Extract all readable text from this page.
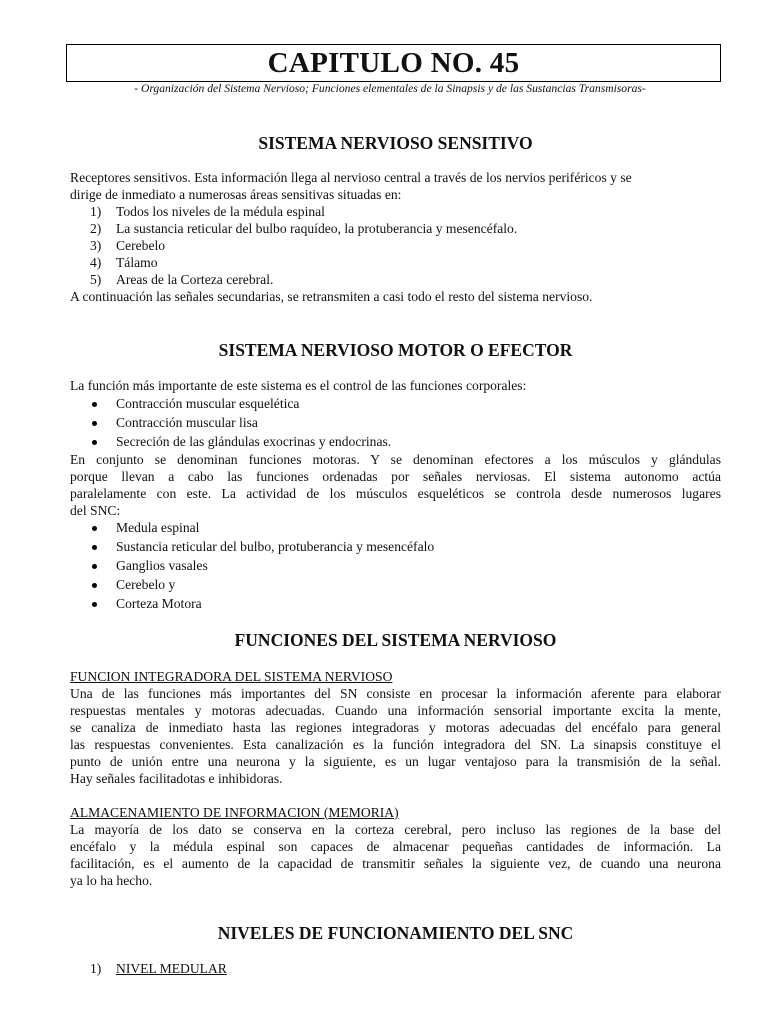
CAPITULO NO. 45
- Organización del Sistema Nervioso; Funciones elementales de la Sinapsis y de las Sustancias Transmisoras-
SISTEMA NERVIOSO SENSITIVO
Receptores sensitivos. Esta información llega al nervioso central a través de los nervios periféricos y se
dirige de inmediato a numerosas áreas sensitivas situadas en:
1) Todos los niveles de la médula espinal
2) La sustancia reticular del bulbo raquídeo, la protuberancia y mesencéfalo.
3) Cerebelo
4) Tálamo
5) Areas de la Corteza cerebral.
A continuación las señales secundarias, se retransmiten a casi todo el resto del sistema nervioso.
SISTEMA NERVIOSO MOTOR O EFECTOR
La función más importante de este sistema es el control de las funciones corporales:
Contracción muscular esquelética
Contracción muscular lisa
Secreción de las glándulas exocrinas y endocrinas.
En conjunto se denominan funciones motoras. Y se denominan efectores a los músculos y glándulas
porque llevan a cabo las funciones ordenadas por señales nerviosas. El sistema autonomo actúa
paralelamente con este. La actividad de los músculos esqueléticos se controla desde numerosos lugares
del SNC:
Medula espinal
Sustancia reticular del bulbo, protuberancia y mesencéfalo
Ganglios vasales
Cerebelo y
Corteza Motora
FUNCIONES DEL SISTEMA NERVIOSO
FUNCION INTEGRADORA DEL SISTEMA NERVIOSO
Una de las funciones más importantes del SN consiste en procesar la información aferente para elaborar
respuestas mentales y motoras adecuadas. Cuando una información sensorial importante excita la mente,
se canaliza de inmediato hasta las regiones integradoras y motoras adecuadas del encéfalo para general
las respuestas convenientes. Esta canalización es la función integradora del SN. La sinapsis constituye el
punto de unión entre una neurona y la siguiente, es un lugar ventajoso para la transmisión de la señal.
Hay señales facilitadotas e inhibidoras.
ALMACENAMIENTO DE INFORMACION (MEMORIA)
La mayoría de los dato se conserva en la corteza cerebral, pero incluso las regiones de la base del
encéfalo y la médula espinal son capaces de almacenar pequeñas cantidades de información. La
facilitación, es el aumento de la capacidad de transmitir señales la siguiente vez, de cuando una neurona
ya lo ha hecho.
NIVELES DE FUNCIONAMIENTO DEL SNC
1) NIVEL MEDULAR
